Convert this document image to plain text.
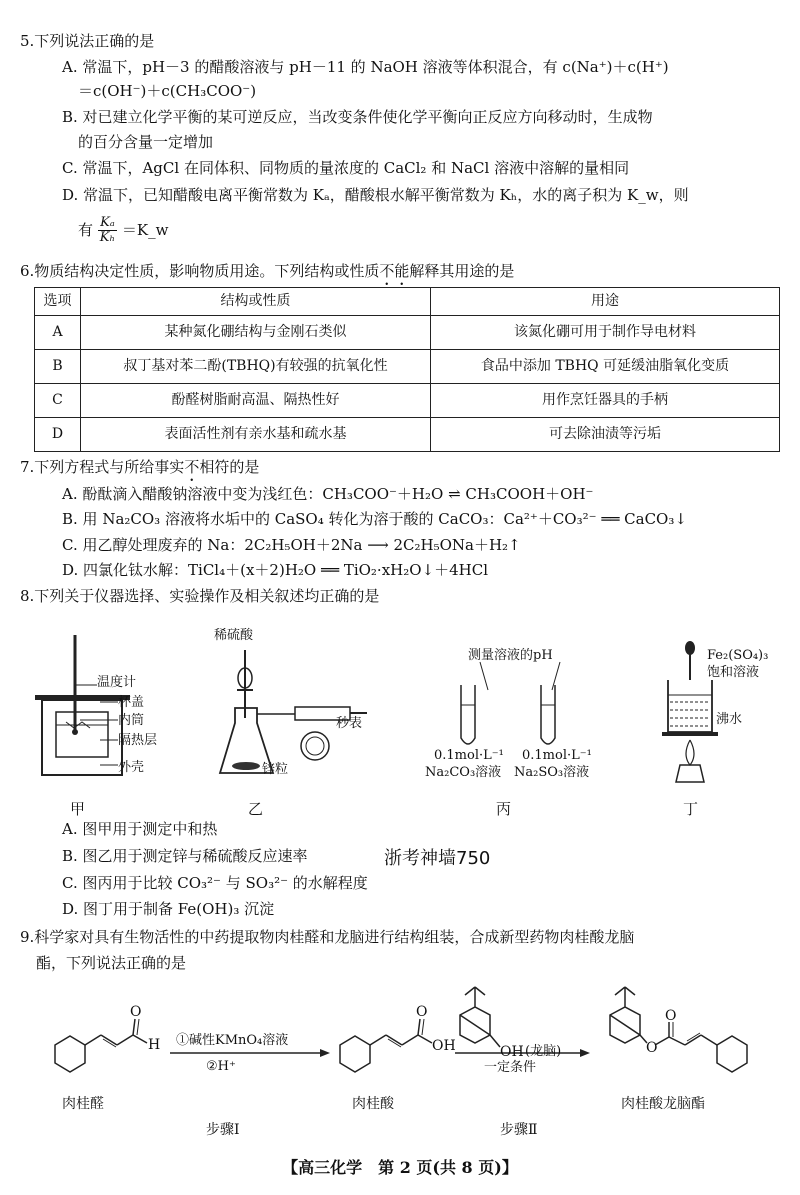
5.下列说法正确的是
A. 常温下，pH－3 的醋酸溶液与 pH－11 的 NaOH 溶液等体积混合，有 c(Na⁺)＋c(H⁺)
＝c(OH⁻)＋c(CH₃COO⁻)
B. 对已建立化学平衡的某可逆反应，当改变条件使化学平衡向正反应方向移动时，生成物
的百分含量一定增加
C. 常温下，AgCl 在同体积、同物质的量浓度的 CaCl₂ 和 NaCl 溶液中溶解的量相同
D. 常温下，已知醋酸电离平衡常数为 Kₐ，醋酸根水解平衡常数为 Kₕ，水的离子积为 K_w，则
有 $\frac{\text{Kₐ}}{\text{Kₕ}}$ ＝K_w
6.物质结构决定性质，影响物质用途。下列结构或性质不能解释其用途的是
选项	结构或性质	用途
A	某种氮化硼结构与金刚石类似	该氮化硼可用于制作导电材料
B	叔丁基对苯二酚(TBHQ)有较强的抗氧化性	食品中添加 TBHQ 可延缓油脂氧化变质
C	酚醛树脂耐高温、隔热性好	用作烹饪器具的手柄
D	表面活性剂有亲水基和疏水基	可去除油渍等污垢
7.下列方程式与所给事实不相符的是
A. 酚酞滴入醋酸钠溶液中变为浅红色：CH₃COO⁻＋H₂O ⇌ CH₃COOH＋OH⁻
B. 用 Na₂CO₃ 溶液将水垢中的 CaSO₄ 转化为溶于酸的 CaCO₃：Ca²⁺＋CO₃²⁻ ══ CaCO₃↓
C. 用乙醇处理废弃的 Na：2C₂H₅OH＋2Na ⟶ 2C₂H₅ONa＋H₂↑
D. 四氯化钛水解：TiCl₄＋(x＋2)H₂O ══ TiO₂·xH₂O↓＋4HCl
8.下列关于仪器选择、实验操作及相关叙述均正确的是
温度计
杯盖
内筒
隔热层
外壳
甲
稀硫酸
秒表
锌粒
乙
测量溶液的pH
0.1mol·L⁻¹
Na₂CO₃溶液
0.1mol·L⁻¹
Na₂SO₃溶液
丙
Fe₂(SO₄)₃
饱和溶液
沸水
丁
A. 图甲用于测定中和热
B. 图乙用于测定锌与稀硫酸反应速率	浙考神墙750
C. 图丙用于比较 CO₃²⁻ 与 SO₃²⁻ 的水解程度
D. 图丁用于制备 Fe(OH)₃ 沉淀
9.科学家对具有生物活性的中药提取物肉桂醛和龙脑进行结构组装，合成新型药物肉桂酸龙脑
酯，下列说法正确的是
O
H
O
OH	OH	O
O
①碱性KMnO₄溶液
②H⁺
(龙脑)
一定条件
肉桂醛	肉桂酸	肉桂酸龙脑酯
步骤Ⅰ	步骤Ⅱ
【高三化学　第 2 页(共 8 页)】
